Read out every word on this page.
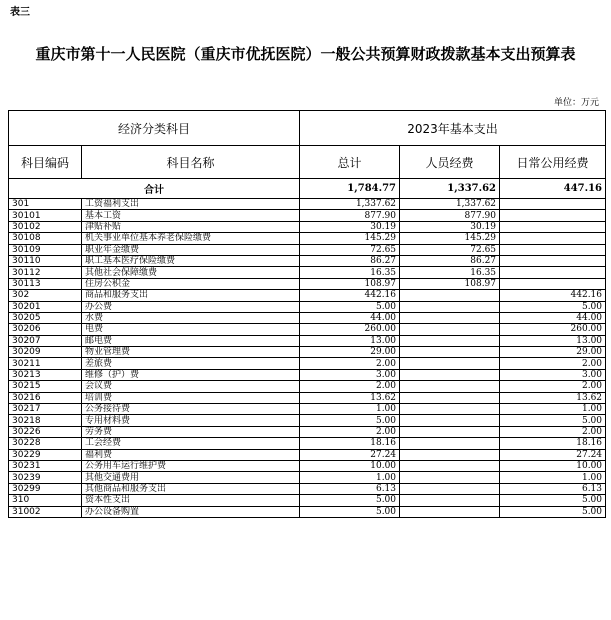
表三
重庆市第十一人民医院（重庆市优抚医院）一般公共预算财政拨款基本支出预算表
单位：万元
经济分类科目		2023年基本支出		
科目编码	科目名称	总计	人员经费	日常公用经费
合计		1,784.77	1,337.62	447.16
301	工资福利支出	1,337.62	1,337.62	
30101	基本工资	877.90	877.90	
30102	津贴补贴	30.19	30.19	
30108	机关事业单位基本养老保险缴费	145.29	145.29	
30109	职业年金缴费	72.65	72.65	
30110	职工基本医疗保险缴费	86.27	86.27	
30112	其他社会保障缴费	16.35	16.35	
30113	住房公积金	108.97	108.97	
302	商品和服务支出	442.16		442.16
30201	办公费	5.00		5.00
30205	水费	44.00		44.00
30206	电费	260.00		260.00
30207	邮电费	13.00		13.00
30209	物业管理费	29.00		29.00
30211	差旅费	2.00		2.00
30213	维修（护）费	3.00		3.00
30215	会议费	2.00		2.00
30216	培训费	13.62		13.62
30217	公务接待费	1.00		1.00
30218	专用材料费	5.00		5.00
30226	劳务费	2.00		2.00
30228	工会经费	18.16		18.16
30229	福利费	27.24		27.24
30231	公务用车运行维护费	10.00		10.00
30239	其他交通费用	1.00		1.00
30299	其他商品和服务支出	6.13		6.13
310	资本性支出	5.00		5.00
31002	办公设备购置	5.00		5.00
